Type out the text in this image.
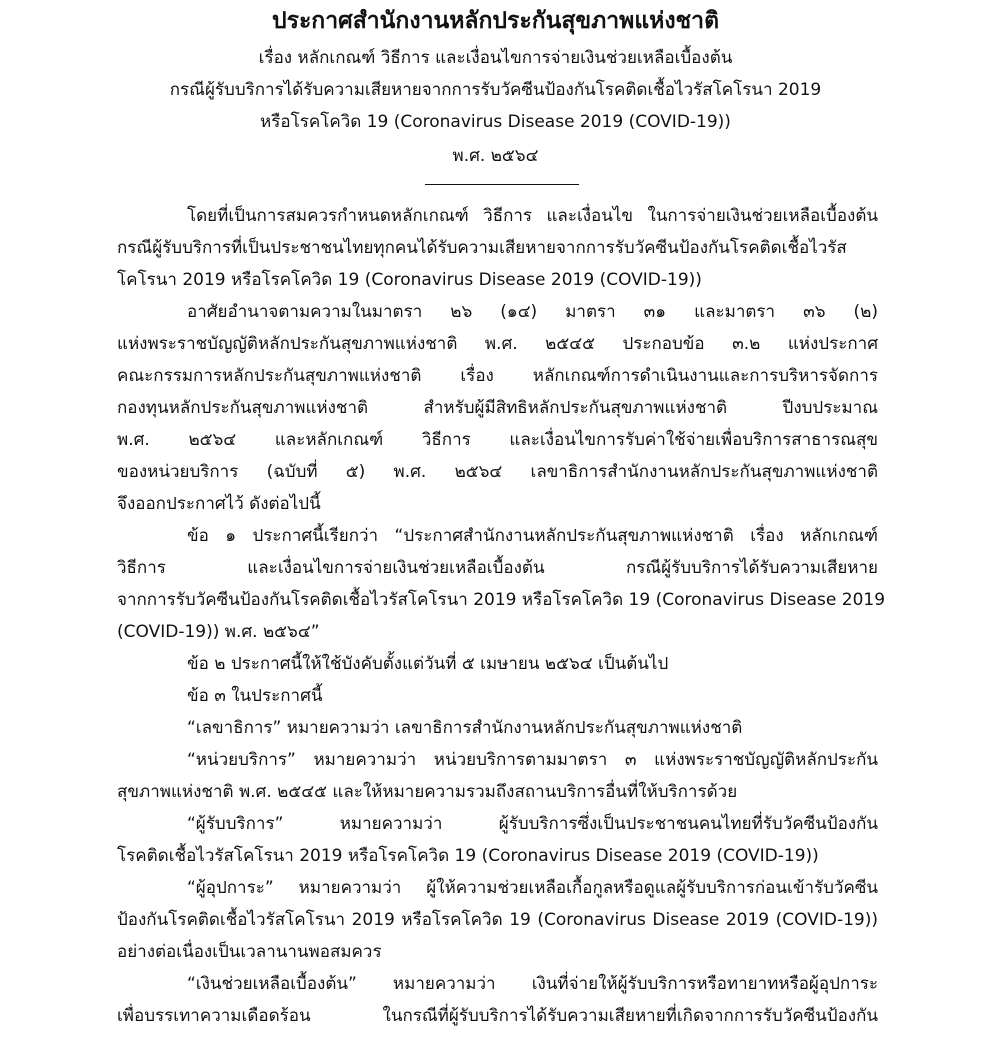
ประกาศสำนักงานหลักประกันสุขภาพแห่งชาติ
เรื่อง หลักเกณฑ์ วิธีการ และเงื่อนไขการจ่ายเงินช่วยเหลือเบื้องต้น
กรณีผู้รับบริการได้รับความเสียหายจากการรับวัคซีนป้องกันโรคติดเชื้อไวรัสโคโรนา 2019
หรือโรคโควิด 19 (Coronavirus Disease 2019 (COVID-19))
พ.ศ. ๒๕๖๔
โดยที่เป็นการสมควรกำหนดหลักเกณฑ์ วิธีการ และเงื่อนไข ในการจ่ายเงินช่วยเหลือเบื้องต้น
กรณีผู้รับบริการที่เป็นประชาชนไทยทุกคนได้รับความเสียหายจากการรับวัคซีนป้องกันโรคติดเชื้อไวรัส
โคโรนา 2019 หรือโรคโควิด 19 (Coronavirus Disease 2019 (COVID-19))
อาศัยอำนาจตามความในมาตรา ๒๖ (๑๔) มาตรา ๓๑ และมาตรา ๓๖ (๒)
แห่งพระราชบัญญัติหลักประกันสุขภาพแห่งชาติ พ.ศ. ๒๕๔๕ ประกอบข้อ ๓.๒ แห่งประกาศ
คณะกรรมการหลักประกันสุขภาพแห่งชาติ เรื่อง หลักเกณฑ์การดำเนินงานและการบริหารจัดการ
กองทุนหลักประกันสุขภาพแห่งชาติ สำหรับผู้มีสิทธิหลักประกันสุขภาพแห่งชาติ ปีงบประมาณ
พ.ศ. ๒๕๖๔ และหลักเกณฑ์ วิธีการ และเงื่อนไขการรับค่าใช้จ่ายเพื่อบริการสาธารณสุข
ของหน่วยบริการ (ฉบับที่ ๕) พ.ศ. ๒๕๖๔ เลขาธิการสำนักงานหลักประกันสุขภาพแห่งชาติ
จึงออกประกาศไว้ ดังต่อไปนี้
ข้อ ๑ ประกาศนี้เรียกว่า “ประกาศสำนักงานหลักประกันสุขภาพแห่งชาติ เรื่อง หลักเกณฑ์
วิธีการ และเงื่อนไขการจ่ายเงินช่วยเหลือเบื้องต้น กรณีผู้รับบริการได้รับความเสียหาย
จากการรับวัคซีนป้องกันโรคติดเชื้อไวรัสโคโรนา 2019 หรือโรคโควิด 19 (Coronavirus Disease 2019
(COVID-19)) พ.ศ. ๒๕๖๔”
ข้อ ๒ ประกาศนี้ให้ใช้บังคับตั้งแต่วันที่ ๕ เมษายน ๒๕๖๔ เป็นต้นไป
ข้อ ๓ ในประกาศนี้
“เลขาธิการ” หมายความว่า เลขาธิการสำนักงานหลักประกันสุขภาพแห่งชาติ
“หน่วยบริการ” หมายความว่า หน่วยบริการตามมาตรา ๓ แห่งพระราชบัญญัติหลักประกัน
สุขภาพแห่งชาติ พ.ศ. ๒๕๔๕ และให้หมายความรวมถึงสถานบริการอื่นที่ให้บริการด้วย
“ผู้รับบริการ” หมายความว่า ผู้รับบริการซึ่งเป็นประชาชนคนไทยที่รับวัคซีนป้องกัน
โรคติดเชื้อไวรัสโคโรนา 2019 หรือโรคโควิด 19 (Coronavirus Disease 2019 (COVID-19))
“ผู้อุปการะ” หมายความว่า ผู้ให้ความช่วยเหลือเกื้อกูลหรือดูแลผู้รับบริการก่อนเข้ารับวัคซีน
ป้องกันโรคติดเชื้อไวรัสโคโรนา 2019 หรือโรคโควิด 19 (Coronavirus Disease 2019 (COVID-19))
อย่างต่อเนื่องเป็นเวลานานพอสมควร
“เงินช่วยเหลือเบื้องต้น” หมายความว่า เงินที่จ่ายให้ผู้รับบริการหรือทายาทหรือผู้อุปการะ
เพื่อบรรเทาความเดือดร้อน ในกรณีที่ผู้รับบริการได้รับความเสียหายที่เกิดจากการรับวัคซีนป้องกัน
